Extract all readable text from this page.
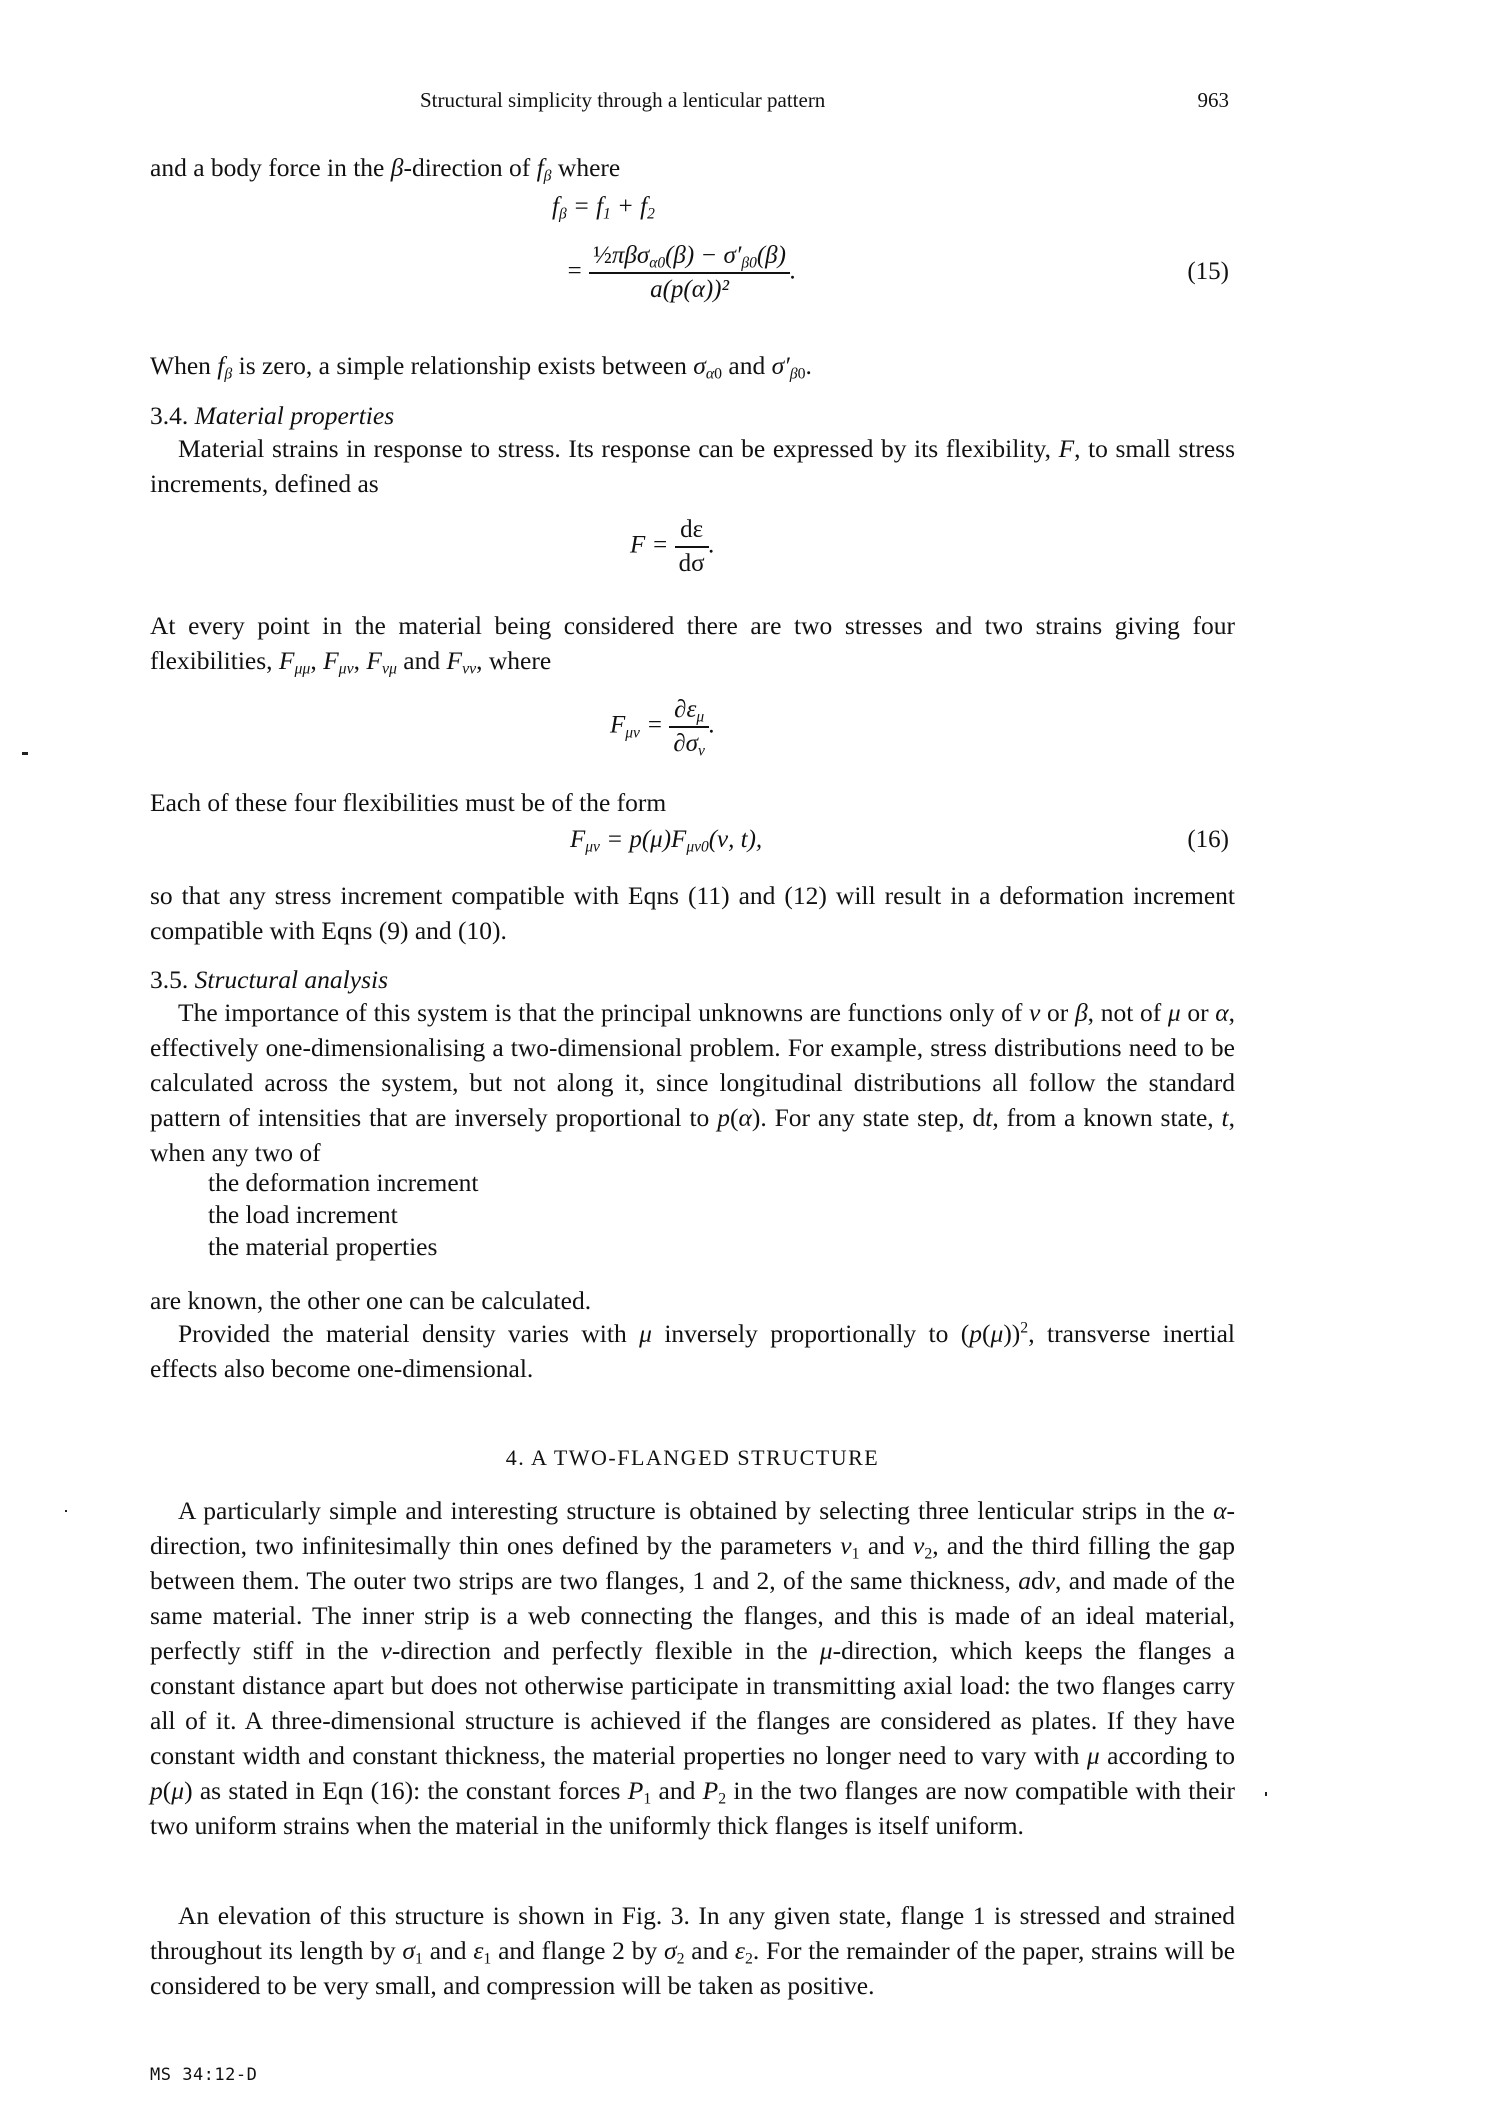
Structural simplicity through a lenticular pattern	963
and a body force in the β-direction of $f_\beta$ where
$f_\beta = f_1 + f_2$
= $\frac{\frac{1}{2}\pi\beta\sigma_{\alpha 0}(\beta) - \sigma'_{\beta 0}(\beta)}{\text{a(p(α))²}}$ .	(15)
When $f_\beta$ is zero, a simple relationship exists between $\sigma_{\alpha 0}$ and $\sigma'_{\beta 0}$.
3.4. Material properties
Material strains in response to stress. Its response can be expressed by its flexibility, F, to small stress increments, defined as
$F = \frac{d\varepsilon}{d\sigma}$ .
At every point in the material being considered there are two stresses and two strains giving four flexibilities, $F_{\mu\mu}$, $F_{\mu\nu}$, $F_{\nu\mu}$ and $F_{\nu\nu}$, where
$F_{\mu\nu} = \frac{\partial\varepsilon_\mu}{\partial\sigma_\nu}$ .
Each of these four flexibilities must be of the form
$F_{\mu\nu} = p(\mu)F_{\mu\nu 0}(\nu$, t),	(16)
so that any stress increment compatible with Eqns (11) and (12) will result in a deformation increment compatible with Eqns (9) and (10).
3.5. Structural analysis
The importance of this system is that the principal unknowns are functions only of ν or β, not of μ or α, effectively one-dimensionalising a two-dimensional problem. For example, stress distributions need to be calculated across the system, but not along it, since longitudinal distributions all follow the standard pattern of intensities that are inversely proportional to p(α). For any state step, dt, from a known state, t, when any two of
the deformation increment
the load increment
the material properties
are known, the other one can be calculated.
Provided the material density varies with μ inversely proportionally to $(p(\mu))^2$, transverse inertial effects also become one-dimensional.
4. A TWO-FLANGED STRUCTURE
A particularly simple and interesting structure is obtained by selecting three lenticular strips in the α-direction, two infinitesimally thin ones defined by the parameters $\nu_1$ and $\nu_2$, and the third filling the gap between them. The outer two strips are two flanges, 1 and 2, of the same thickness, adν, and made of the same material. The inner strip is a web connecting the flanges, and this is made of an ideal material, perfectly stiff in the ν-direction and perfectly flexible in the μ-direction, which keeps the flanges a constant distance apart but does not otherwise participate in transmitting axial load: the two flanges carry all of it. A three-dimensional structure is achieved if the flanges are considered as plates. If they have constant width and constant thickness, the material properties no longer need to vary with μ according to p(μ) as stated in Eqn (16): the constant forces $P_1$ and $P_2$ in the two flanges are now compatible with their two uniform strains when the material in the uniformly thick flanges is itself uniform.
An elevation of this structure is shown in Fig. 3. In any given state, flange 1 is stressed and strained throughout its length by $\sigma_1$ and $\varepsilon_1$ and flange 2 by $\sigma_2$ and $\varepsilon_2$. For the remainder of the paper, strains will be considered to be very small, and compression will be taken as positive.
MS 34:12-D
